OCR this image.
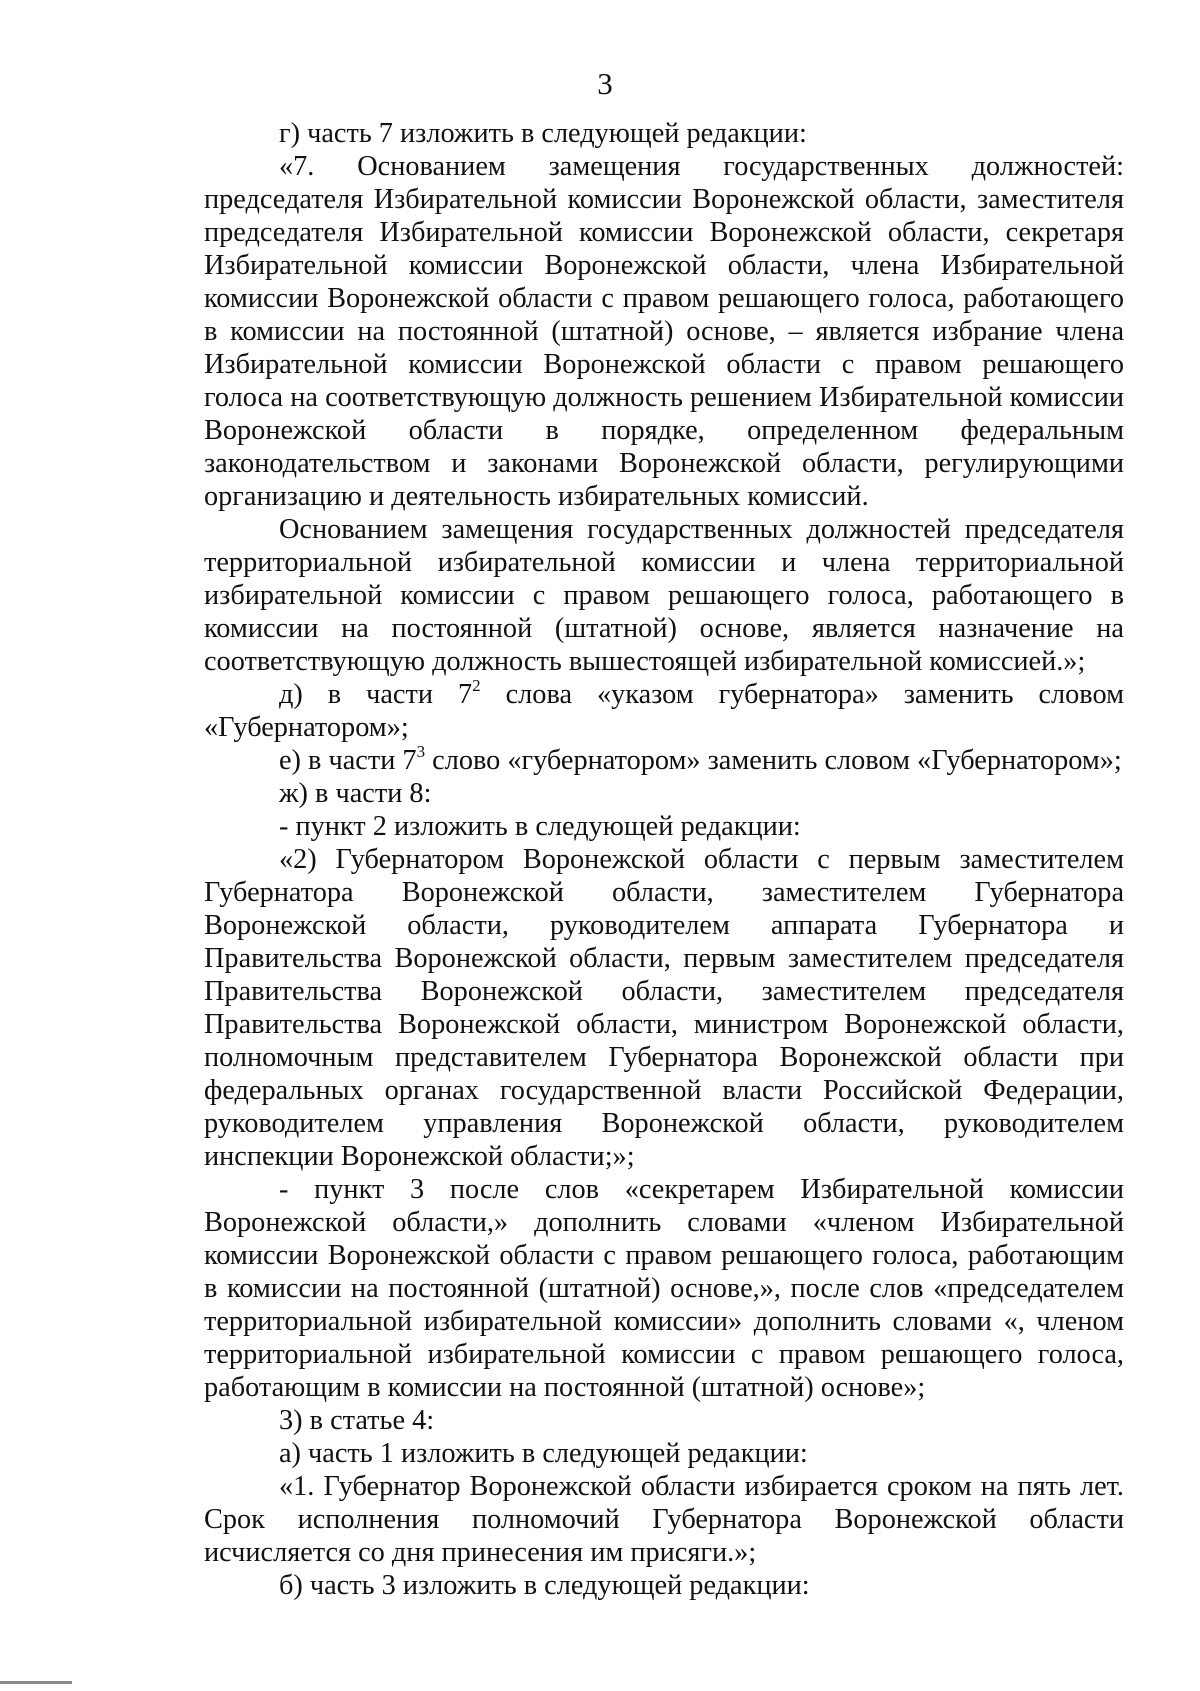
3

г) часть 7 изложить в следующей редакции:

«7. Основанием замещения государственных должностей: председателя Избирательной комиссии Воронежской области, заместителя председателя Избирательной комиссии Воронежской области, секретаря Избирательной комиссии Воронежской области, члена Избирательной комиссии Воронежской области с правом решающего голоса, работающего в комиссии на постоянной (штатной) основе, – является избрание члена Избирательной комиссии Воронежской области с правом решающего голоса на соответствующую должность решением Избирательной комиссии Воронежской области в порядке, определенном федеральным законодательством и законами Воронежской области, регулирующими организацию и деятельность избирательных комиссий.

Основанием замещения государственных должностей председателя территориальной избирательной комиссии и члена территориальной избирательной комиссии с правом решающего голоса, работающего в комиссии на постоянной (штатной) основе, является назначение на соответствующую должность вышестоящей избирательной комиссией.»;

д) в части $7^2$ слова «указом губернатора» заменить словом «Губернатором»;

е) в части $7^3$ слово «губернатором» заменить словом «Губернатором»;

ж) в части 8:

- пункт 2 изложить в следующей редакции:

«2) Губернатором Воронежской области с первым заместителем Губернатора Воронежской области, заместителем Губернатора Воронежской области, руководителем аппарата Губернатора и Правительства Воронежской области, первым заместителем председателя Правительства Воронежской области, заместителем председателя Правительства Воронежской области, министром Воронежской области, полномочным представителем Губернатора Воронежской области при федеральных органах государственной власти Российской Федерации, руководителем управления Воронежской области, руководителем инспекции Воронежской области;»;

- пункт 3 после слов «секретарем Избирательной комиссии Воронежской области,» дополнить словами «членом Избирательной комиссии Воронежской области с правом решающего голоса, работающим в комиссии на постоянной (штатной) основе,», после слов «председателем территориальной избирательной комиссии» дополнить словами «, членом территориальной избирательной комиссии с правом решающего голоса, работающим в комиссии на постоянной (штатной) основе»;

3) в статье 4:

а) часть 1 изложить в следующей редакции:

«1. Губернатор Воронежской области избирается сроком на пять лет. Срок исполнения полномочий Губернатора Воронежской области исчисляется со дня принесения им присяги.»;

б) часть 3 изложить в следующей редакции:
